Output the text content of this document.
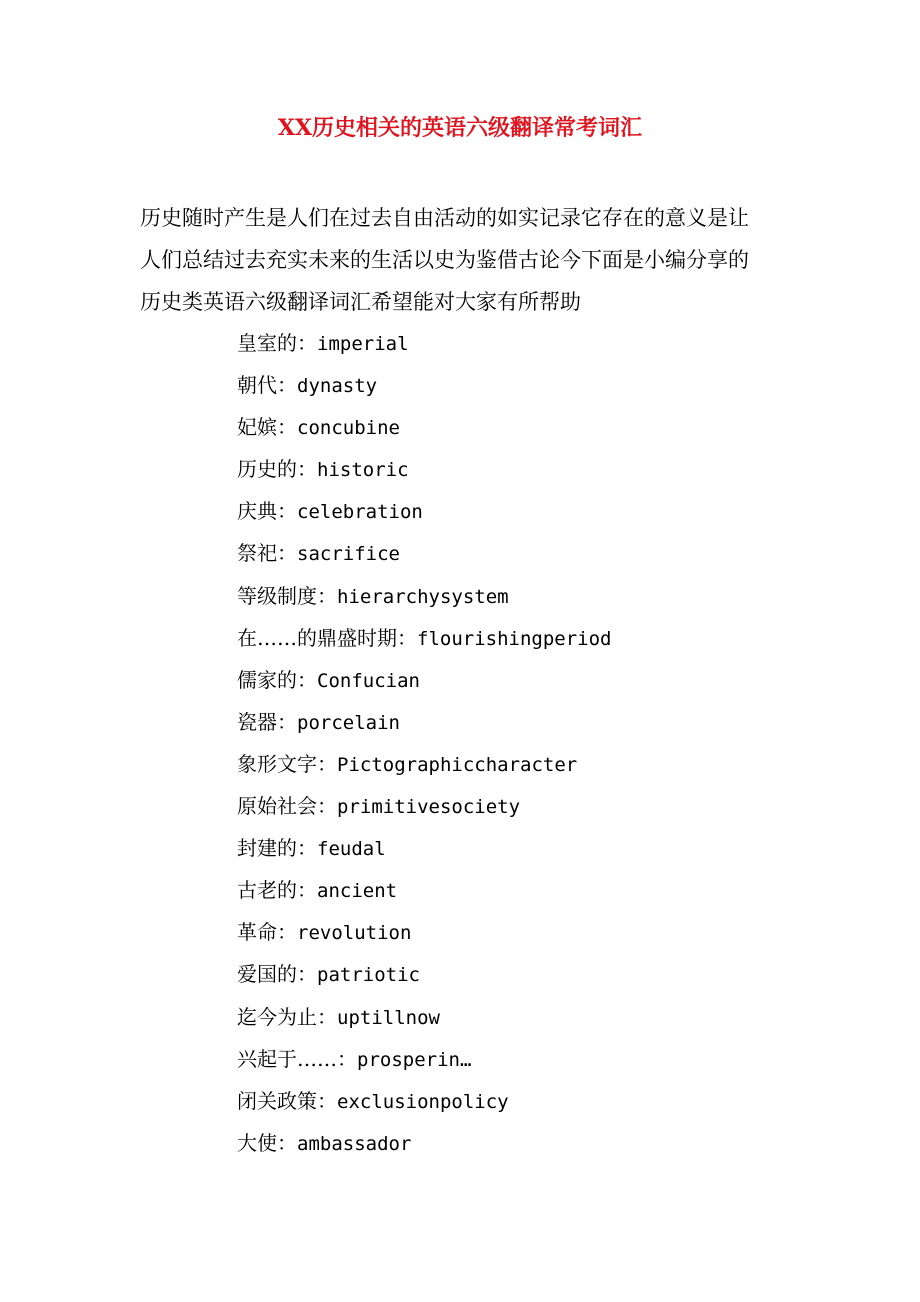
XX历史相关的英语六级翻译常考词汇

历史随时产生是人们在过去自由活动的如实记录它存在的意义是让
人们总结过去充实未来的生活以史为鉴借古论今下面是小编分享的
历史类英语六级翻译词汇希望能对大家有所帮助

皇室的：imperial
朝代：dynasty
妃嫔：concubine
历史的：historic
庆典：celebration
祭祀：sacrifice
等级制度：hierarchysystem
在……的鼎盛时期：flourishingperiod
儒家的：Confucian
瓷器：porcelain
象形文字：Pictographiccharacter
原始社会：primitivesociety
封建的：feudal
古老的：ancient
革命：revolution
爱国的：patriotic
迄今为止：uptillnow
兴起于……：prosperin…
闭关政策：exclusionpolicy
大使：ambassador
